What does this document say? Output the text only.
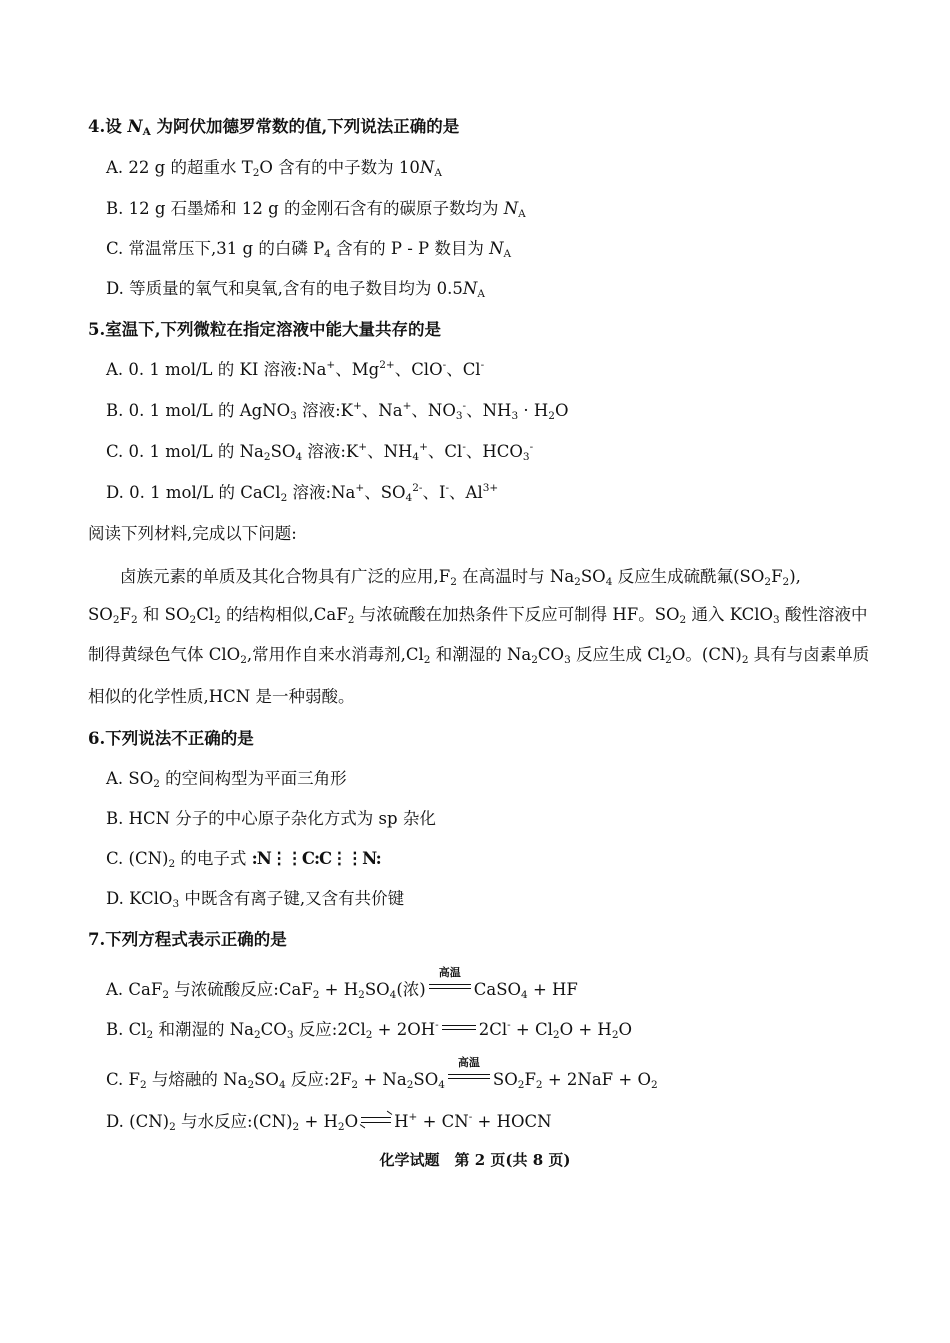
4.设 $N_A$ 为阿伏加德罗常数的值,下列说法正确的是
A. 22 g 的超重水 $T_2O$ 含有的中子数为 $10N_A$
B. 12 g 石墨烯和 12 g 的金刚石含有的碳原子数均为 $N_A$
C. 常温常压下,31 g 的白磷 $P_4$ 含有的 P - P 数目为 $N_A$
D. 等质量的氧气和臭氧,含有的电子数目均为 $0.5N_A$
5.室温下,下列微粒在指定溶液中能大量共存的是
A. 0. 1 mol/L 的 KI 溶液:Na+、$Mg^{2+}$、ClO-、Cl-
B. 0. 1 mol/L 的 AgNO$_3$ 溶液:K+、Na+、$NO_3^-$、$NH_3 \cdot H_2O$
C. 0. 1 mol/L 的 $Na_2SO_4$ 溶液:K+、$NH_4^+$、Cl-、$HCO_3^-$
D. 0. 1 mol/L 的 CaCl$_2$ 溶液:Na+、$SO_4^{2-}$、I-、$Al^{3+}$
阅读下列材料,完成以下问题:
卤族元素的单质及其化合物具有广泛的应用$,F_2$ 在高温时与 $Na_2SO_4$ 反应生成硫酰氟$(SO_2F_2)$,
$SO_2F_2$ 和 $SO_2Cl_2$ 的结构相似,CaF$_2$ 与浓硫酸在加热条件下反应可制得 HF。$SO_2$ 通入 KClO$_3$ 酸性溶液中
制得黄绿色气体 ClO$_2$,常用作自来水消毒剂$,Cl_2$ 和潮湿的 $Na_2CO_3$ 反应生成 $Cl_2O$。$(CN)_2$ 具有与卤素单质
相似的化学性质,HCN 是一种弱酸。
6.下列说法不正确的是
A. $SO_2$ 的空间构型为平面三角形
B. HCN 分子的中心原子杂化方式为 sp 杂化
C. $(CN)_2$ 的电子式 :N⋮⋮C:C⋮⋮N:
D. KClO$_3$ 中既含有离子键,又含有共价键
7.下列方程式表示正确的是
A. CaF$_2$ 与浓硫酸反应:CaF$_2$ + $H_2SO_4$(浓)
高温
CaSO$_4$ + HF
B. $Cl_2$ 和潮湿的 $Na_2CO_3$ 反应$:2Cl_2 + 2OH^-$ $2Cl^- + Cl_2O + H_2O$
C. $F_2$ 与熔融的 $Na_2SO_4$ 反应$:2F_2 + Na_2SO_4$
高温
$SO_2F_2 + 2NaF + O_2$
D. $(CN)_2$ 与水反应$:(CN)_2 + H_2O$ ⇌ H+ + CN- + HOCN
化学试题　第 2 页(共 8 页)
